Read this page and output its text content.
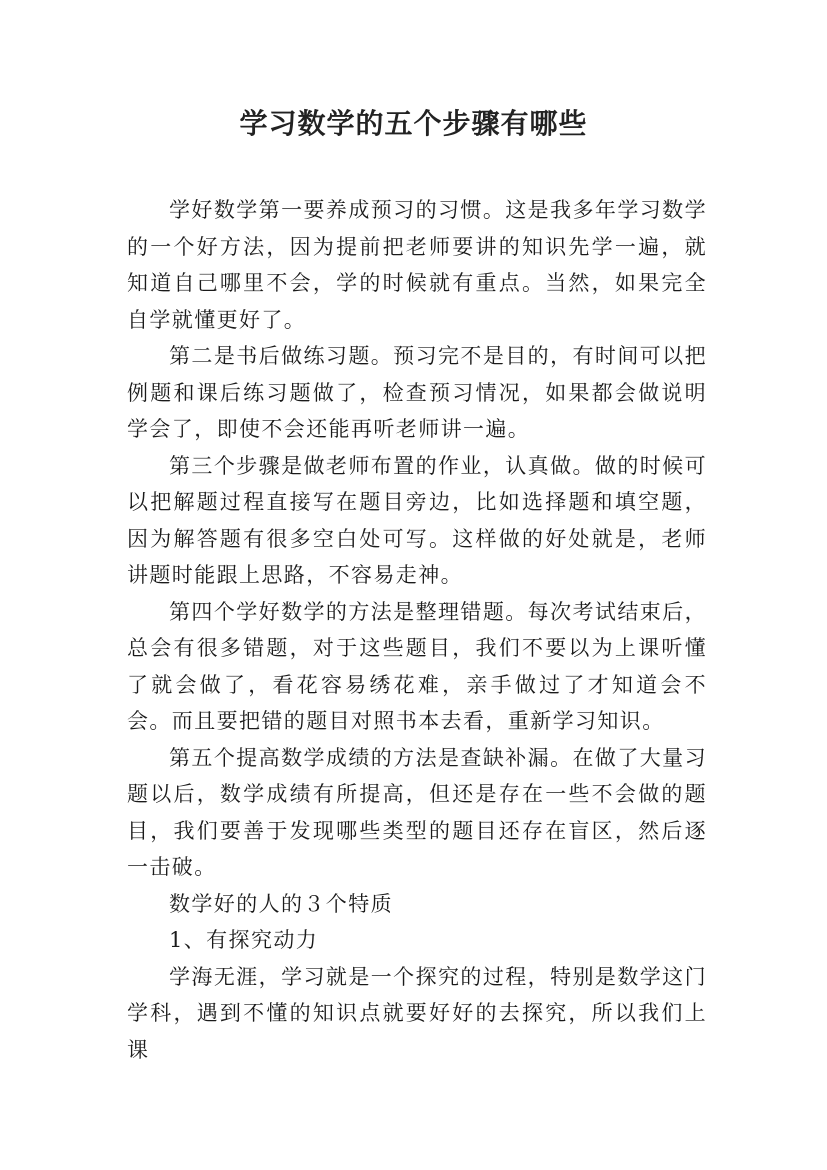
学习数学的五个步骤有哪些

学好数学第一要养成预习的习惯。这是我多年学习数学的一个好方法，因为提前把老师要讲的知识先学一遍，就知道自己哪里不会，学的时候就有重点。当然，如果完全自学就懂更好了。

第二是书后做练习题。预习完不是目的，有时间可以把例题和课后练习题做了，检查预习情况，如果都会做说明学会了，即使不会还能再听老师讲一遍。

第三个步骤是做老师布置的作业，认真做。做的时候可以把解题过程直接写在题目旁边，比如选择题和填空题，因为解答题有很多空白处可写。这样做的好处就是，老师讲题时能跟上思路，不容易走神。

第四个学好数学的方法是整理错题。每次考试结束后，总会有很多错题，对于这些题目，我们不要以为上课听懂了就会做了，看花容易绣花难，亲手做过了才知道会不会。而且要把错的题目对照书本去看，重新学习知识。

第五个提高数学成绩的方法是查缺补漏。在做了大量习题以后，数学成绩有所提高，但还是存在一些不会做的题目，我们要善于发现哪些类型的题目还存在盲区，然后逐一击破。

数学好的人的３个特质

1、有探究动力

学海无涯，学习就是一个探究的过程，特别是数学这门学科，遇到不懂的知识点就要好好的去探究，所以我们上课
